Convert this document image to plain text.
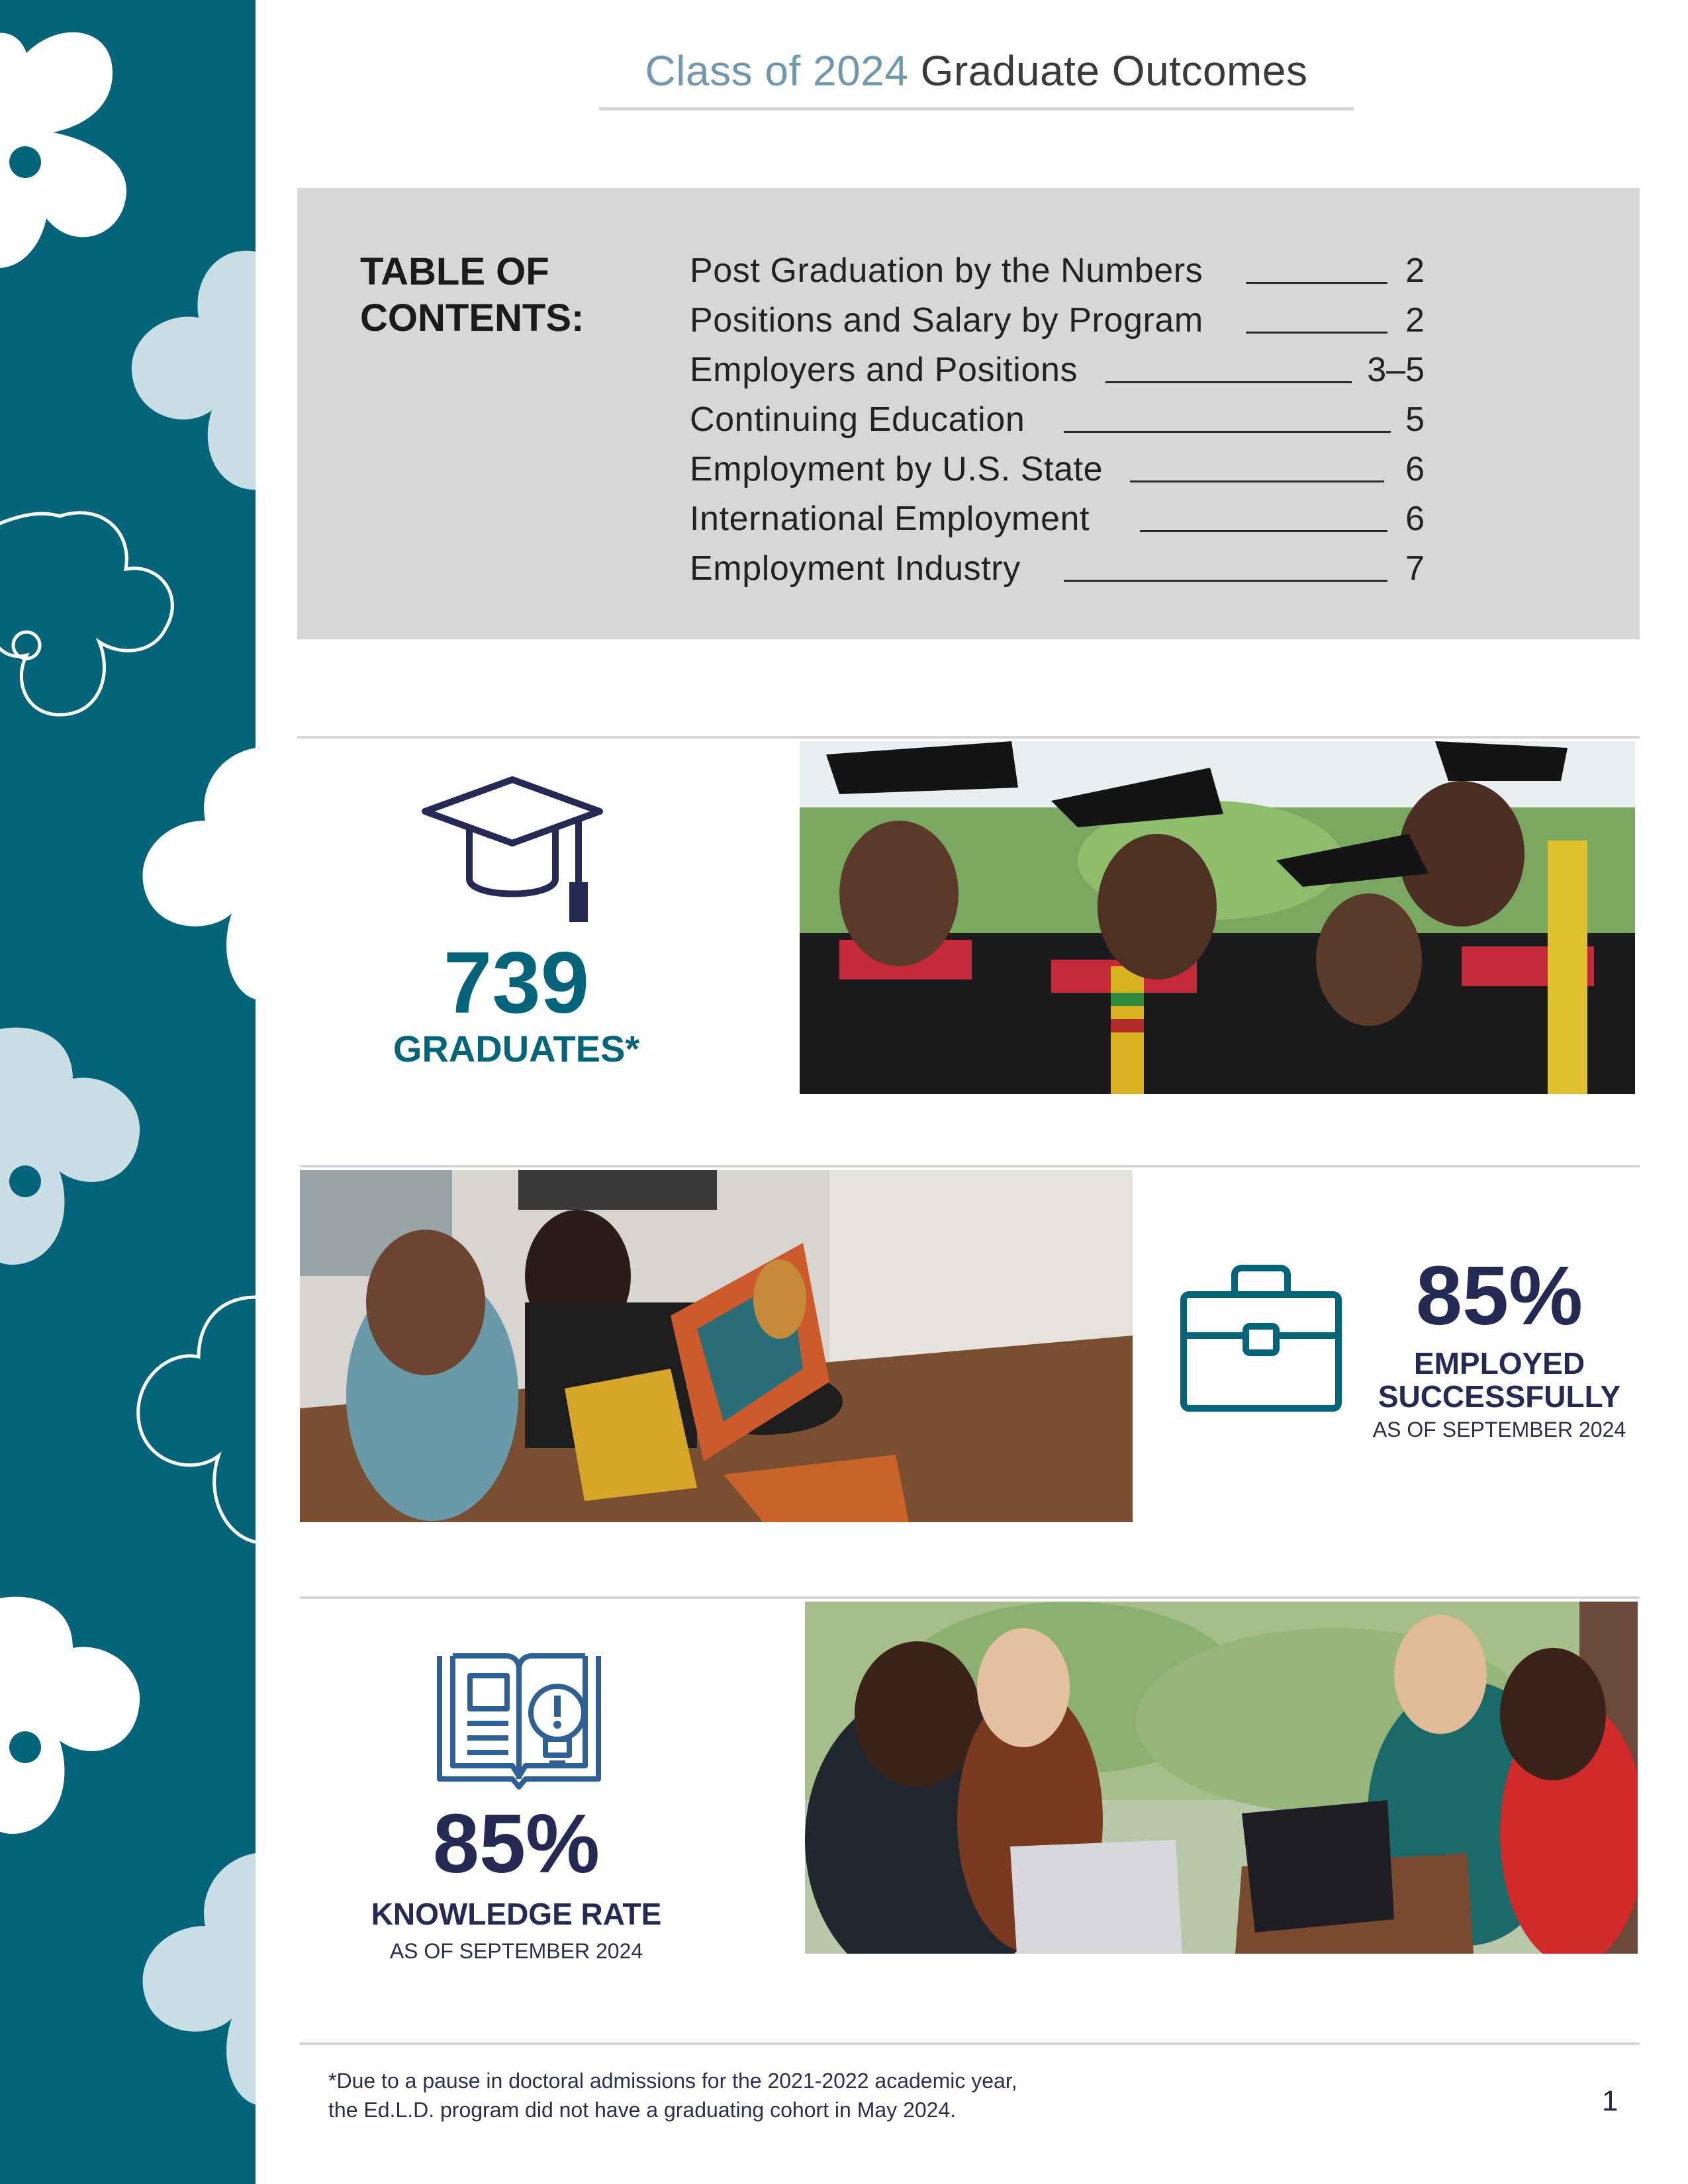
Class of 2024 Graduate Outcomes
TABLE OF
CONTENTS:
Post Graduation by the Numbers	2
Positions and Salary by Program	2
Employers and Positions	3–5
Continuing Education	5
Employment by U.S. State	6
International Employment	6
Employment Industry	7
739
GRADUATES*
85%
EMPLOYED
SUCCESSFULLY
AS OF SEPTEMBER 2024
85%
KNOWLEDGE RATE
AS OF SEPTEMBER 2024
*Due to a pause in doctoral admissions for the 2021-2022 academic year,
the Ed.L.D. program did not have a graduating cohort in May 2024.	1
